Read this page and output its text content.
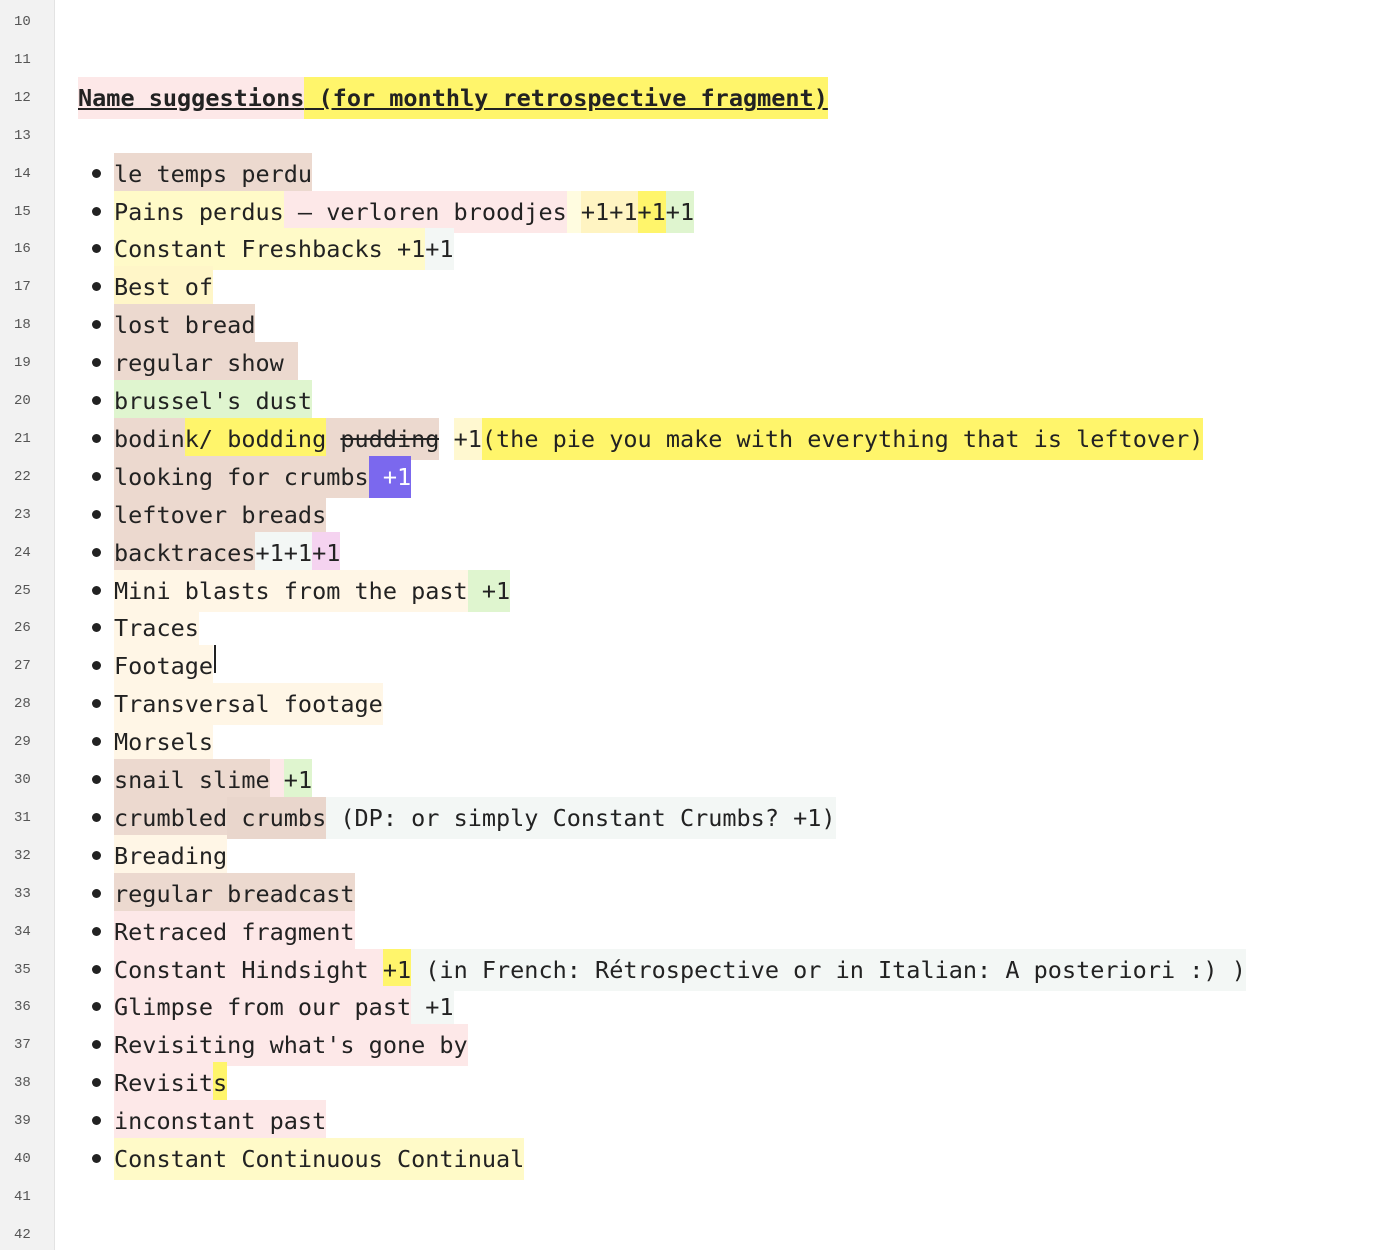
10
11
12
13
14
15
16
17
18
19
20
21
22
23
24
25
26
27
28
29
30
31
32
33
34
35
36
37
38
39
40
41
42
Name suggestions (for monthly retrospective fragment)
le temps perdu
Pains perdus — verloren broodjes
+1+1 +1 +1
Constant Freshbacks +1 +1
Best of
lost bread
regular show
brussel's dust
bodin k/ bodding
pudding
+1 (the pie you make with everything that is leftover)
looking for crumbs +1
leftover breads
backtraces +1+1 +1
Mini blasts from the past +1
Traces
Footage
Transversal footage
Morsels
snail slime
+1
crumbled crumbs (DP: or simply Constant Crumbs? +1)
Breading
regular breadcast
Retraced fragment
Constant Hindsight +1 (in French: Rétrospective or in Italian: A posteriori :) )
Glimpse from our past +1
Revisiting what's gone by
Revisit s
inconstant past
Constant Continuous Continual
